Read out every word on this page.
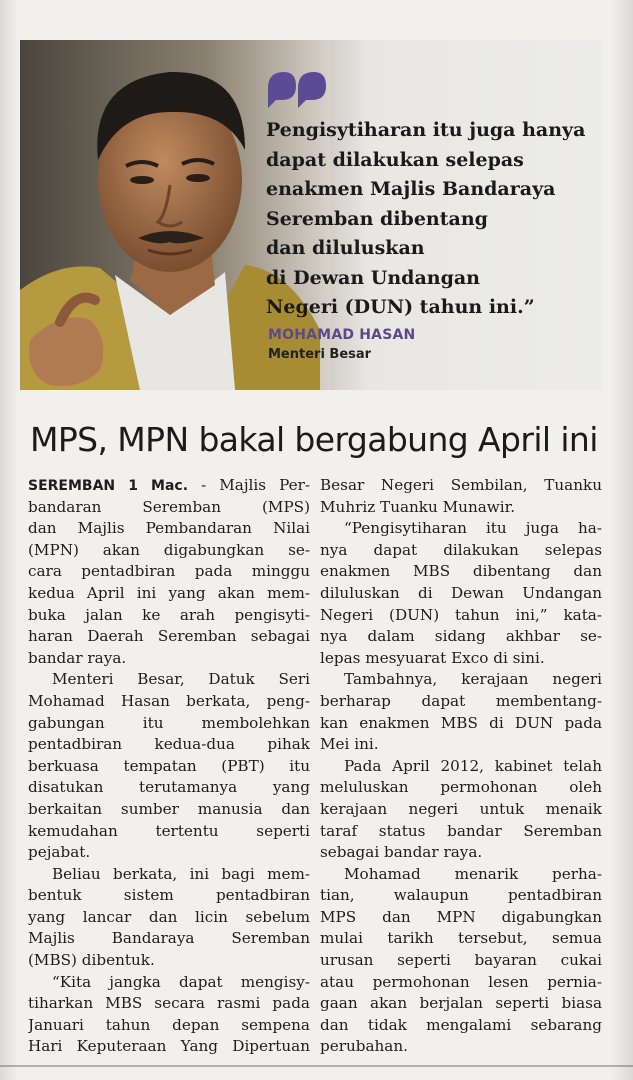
Pengisytiharan itu juga hanya
dapat dilakukan selepas
enakmen Majlis Bandaraya
Seremban dibentang
dan diluluskan
di Dewan Undangan
Negeri (DUN) tahun ini.”
MOHAMAD HASAN
Menteri Besar
MPS, MPN bakal bergabung April ini
SEREMBAN 1 Mac. - Majlis Per-
bandaran Seremban (MPS)
dan Majlis Pembandaran Nilai
(MPN) akan digabungkan se-
cara pentadbiran pada minggu
kedua April ini yang akan mem-
buka jalan ke arah pengisyti-
haran Daerah Seremban sebagai
bandar raya.
Menteri Besar, Datuk Seri
Mohamad Hasan berkata, peng-
gabungan itu membolehkan
pentadbiran kedua-dua pihak
berkuasa tempatan (PBT) itu
disatukan terutamanya yang
berkaitan sumber manusia dan
kemudahan tertentu seperti
pejabat.
Beliau berkata, ini bagi mem-
bentuk sistem pentadbiran
yang lancar dan licin sebelum
Majlis Bandaraya Seremban
(MBS) dibentuk.
“Kita jangka dapat mengisy-
tiharkan MBS secara rasmi pada
Januari tahun depan sempena
Hari Keputeraan Yang Dipertuan
Besar Negeri Sembilan, Tuanku
Muhriz Tuanku Munawir.
“Pengisytiharan itu juga ha-
nya dapat dilakukan selepas
enakmen MBS dibentang dan
diluluskan di Dewan Undangan
Negeri (DUN) tahun ini,” kata-
nya dalam sidang akhbar se-
lepas mesyuarat Exco di sini.
Tambahnya, kerajaan negeri
berharap dapat membentang-
kan enakmen MBS di DUN pada
Mei ini.
Pada April 2012, kabinet telah
meluluskan permohonan oleh
kerajaan negeri untuk menaik
taraf status bandar Seremban
sebagai bandar raya.
Mohamad menarik perha-
tian, walaupun pentadbiran
MPS dan MPN digabungkan
mulai tarikh tersebut, semua
urusan seperti bayaran cukai
atau permohonan lesen pernia-
gaan akan berjalan seperti biasa
dan tidak mengalami sebarang
perubahan.
